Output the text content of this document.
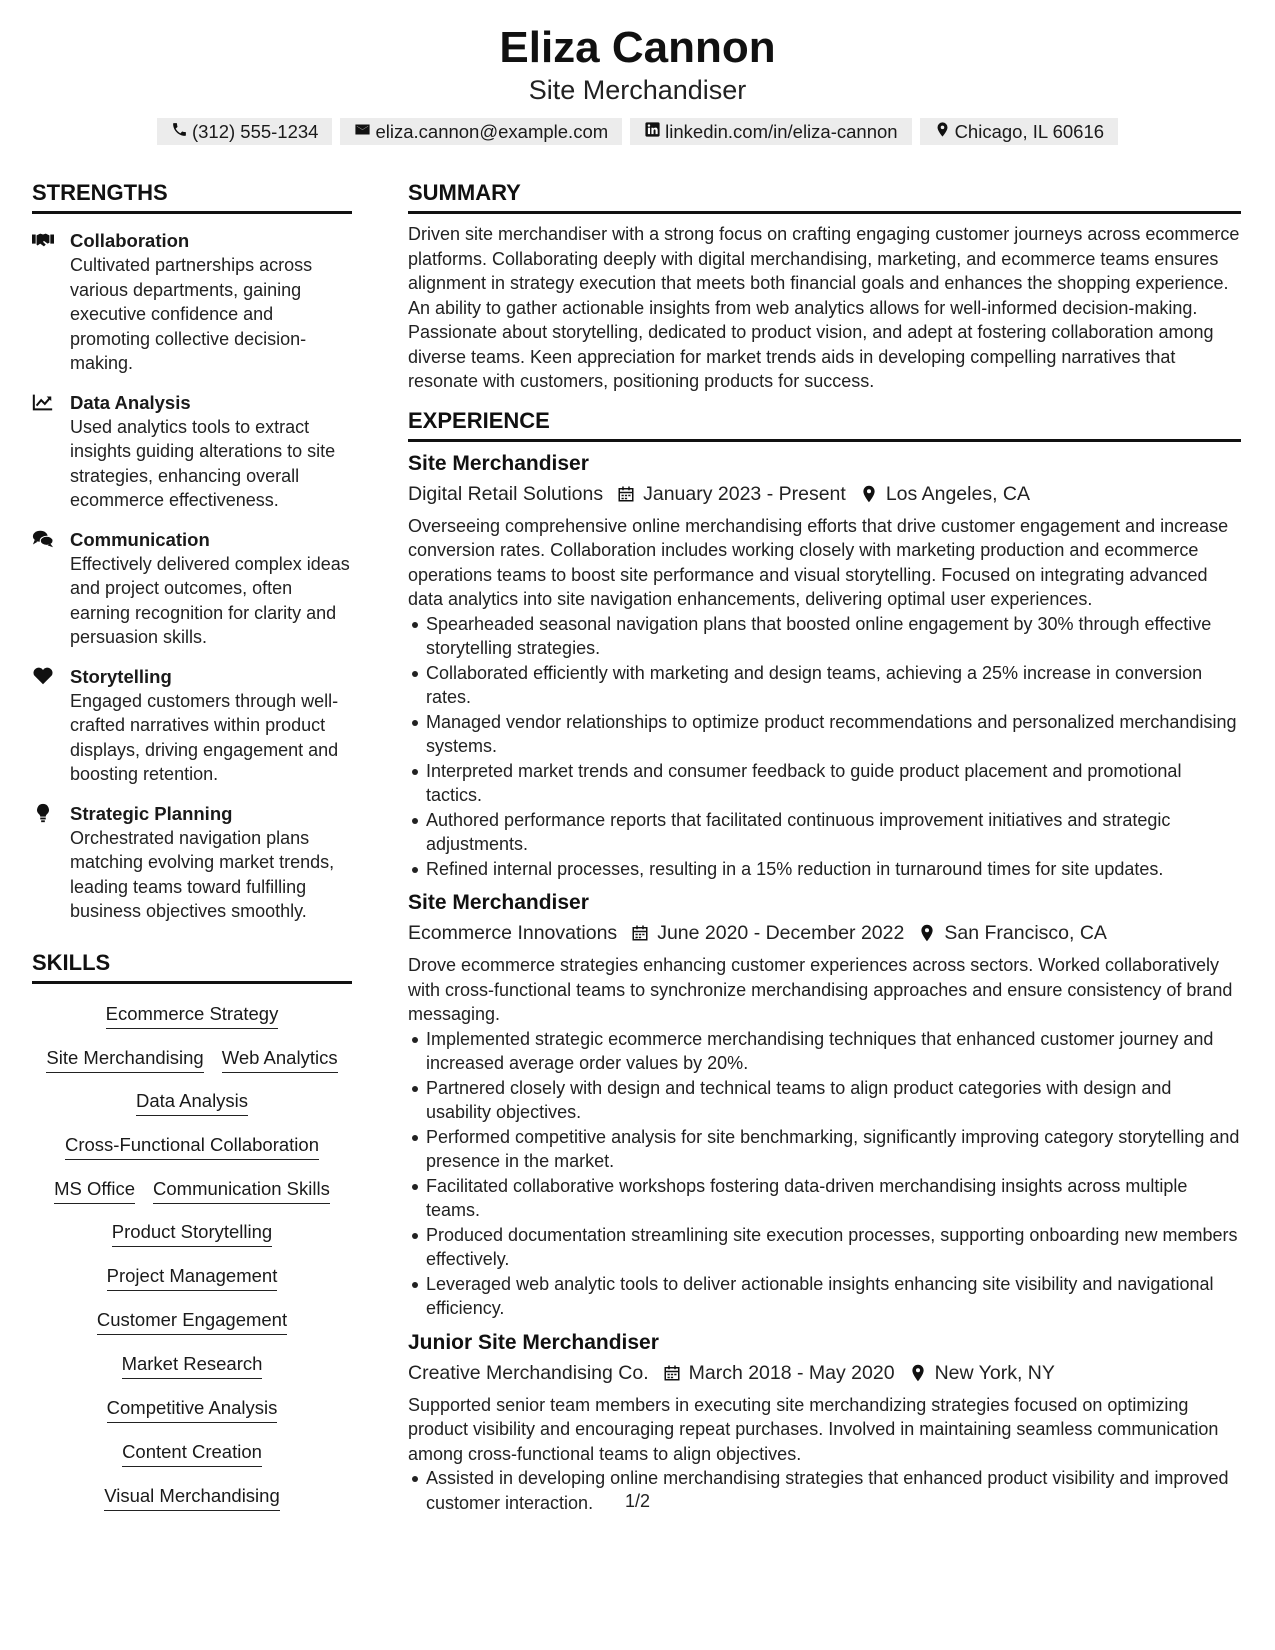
Eliza Cannon
Site Merchandiser
(312) 555-1234	eliza.cannon@example.com	linkedin.com/in/eliza-cannon	Chicago, IL 60616
STRENGTHS
Collaboration
Cultivated partnerships across various departments, gaining executive confidence and promoting collective decision-making.
Data Analysis
Used analytics tools to extract insights guiding alterations to site strategies, enhancing overall ecommerce effectiveness.
Communication
Effectively delivered complex ideas and project outcomes, often earning recognition for clarity and persuasion skills.
Storytelling
Engaged customers through well-crafted narratives within product displays, driving engagement and boosting retention.
Strategic Planning
Orchestrated navigation plans matching evolving market trends, leading teams toward fulfilling business objectives smoothly.
SKILLS
Ecommerce Strategy
Site Merchandising Web Analytics
Data Analysis
Cross-Functional Collaboration
MS Office Communication Skills
Product Storytelling
Project Management
Customer Engagement
Market Research
Competitive Analysis
Content Creation
Visual Merchandising
SUMMARY
Driven site merchandiser with a strong focus on crafting engaging customer journeys across ecommerce platforms. Collaborating deeply with digital merchandising, marketing, and ecommerce teams ensures alignment in strategy execution that meets both financial goals and enhances the shopping experience. An ability to gather actionable insights from web analytics allows for well-informed decision-making. Passionate about storytelling, dedicated to product vision, and adept at fostering collaboration among diverse teams. Keen appreciation for market trends aids in developing compelling narratives that resonate with customers, positioning products for success.
EXPERIENCE
Site Merchandiser
Digital Retail Solutions January 2023 - Present Los Angeles, CA
Overseeing comprehensive online merchandising efforts that drive customer engagement and increase conversion rates. Collaboration includes working closely with marketing production and ecommerce operations teams to boost site performance and visual storytelling. Focused on integrating advanced data analytics into site navigation enhancements, delivering optimal user experiences.
Spearheaded seasonal navigation plans that boosted online engagement by 30% through effective storytelling strategies.
Collaborated efficiently with marketing and design teams, achieving a 25% increase in conversion rates.
Managed vendor relationships to optimize product recommendations and personalized merchandising systems.
Interpreted market trends and consumer feedback to guide product placement and promotional tactics.
Authored performance reports that facilitated continuous improvement initiatives and strategic adjustments.
Refined internal processes, resulting in a 15% reduction in turnaround times for site updates.
Site Merchandiser
Ecommerce Innovations June 2020 - December 2022 San Francisco, CA
Drove ecommerce strategies enhancing customer experiences across sectors. Worked collaboratively with cross-functional teams to synchronize merchandising approaches and ensure consistency of brand messaging.
Implemented strategic ecommerce merchandising techniques that enhanced customer journey and increased average order values by 20%.
Partnered closely with design and technical teams to align product categories with design and usability objectives.
Performed competitive analysis for site benchmarking, significantly improving category storytelling and presence in the market.
Facilitated collaborative workshops fostering data-driven merchandising insights across multiple teams.
Produced documentation streamlining site execution processes, supporting onboarding new members effectively.
Leveraged web analytic tools to deliver actionable insights enhancing site visibility and navigational efficiency.
Junior Site Merchandiser
Creative Merchandising Co. March 2018 - May 2020 New York, NY
Supported senior team members in executing site merchandizing strategies focused on optimizing product visibility and encouraging repeat purchases. Involved in maintaining seamless communication among cross-functional teams to align objectives.
Assisted in developing online merchandising strategies that enhanced product visibility and improved customer interaction.	1/2
